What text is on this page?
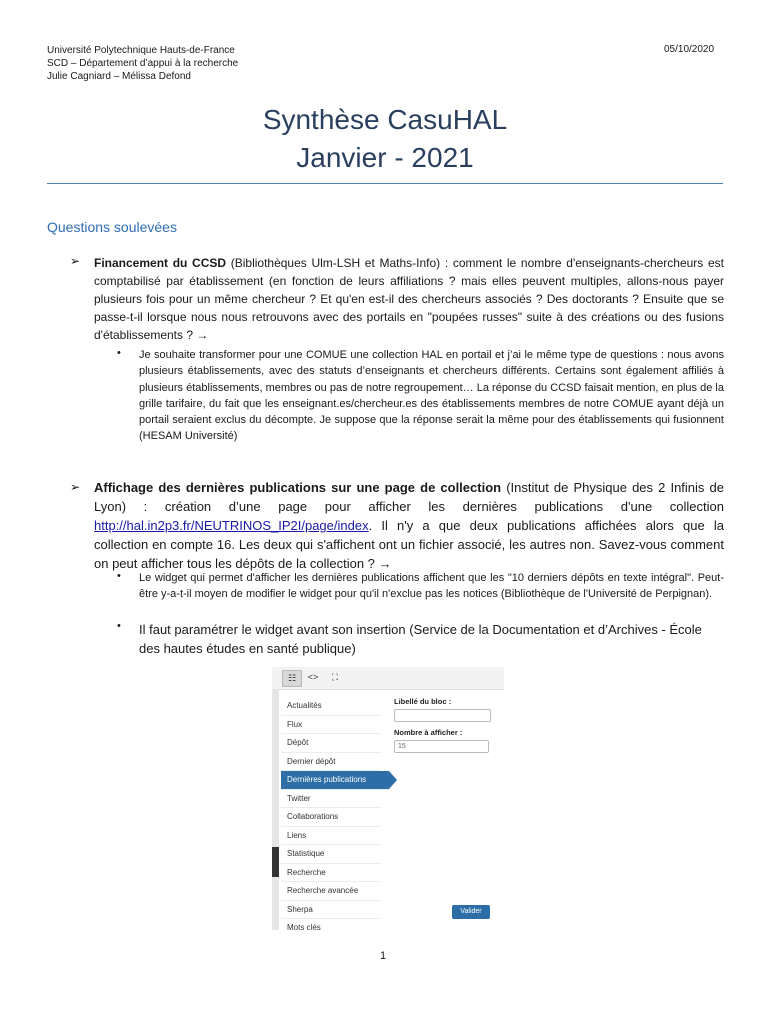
Université Polytechnique Hauts-de-France
SCD – Département d’appui à la recherche
Julie Cagniard – Mélissa Defond
05/10/2020
Synthèse CasuHAL
Janvier - 2021
Questions soulevées
➢ Financement du CCSD (Bibliothèques Ulm-LSH et Maths-Info) : comment le nombre d'enseignants-chercheurs est comptabilisé par établissement (en fonction de leurs affiliations ? mais elles peuvent multiples, allons-nous payer plusieurs fois pour un même chercheur ? Et qu'en est-il des chercheurs associés ? Des doctorants ? Ensuite que se passe-t-il lorsque nous nous retrouvons avec des portails en "poupées russes" suite à des créations ou des fusions d'établissements ? →
• Je souhaite transformer pour une COMUE une collection HAL en portail et j’ai le même type de questions : nous avons plusieurs établissements, avec des statuts d’enseignants et chercheurs différents. Certains sont également affiliés à plusieurs établissements, membres ou pas de notre regroupement… La réponse du CCSD faisait mention, en plus de la grille tarifaire, du fait que les enseignant.es/chercheur.es des établissements membres de notre COMUE ayant déjà un portail seraient exclus du décompte. Je suppose que la réponse serait la même pour des établissements qui fusionnent (HESAM Université)
➢ Affichage des dernières publications sur une page de collection (Institut de Physique des 2 Infinis de Lyon) : création d’une page pour afficher les dernières publications d'une collection http://hal.in2p3.fr/NEUTRINOS_IP2I/page/index. Il n'y a que deux publications affichées alors que la collection en compte 16. Les deux qui s'affichent ont un fichier associé, les autres non. Savez-vous comment on peut afficher tous les dépôts de la collection ? →
• Le widget qui permet d'afficher les dernières publications affichent que les "10 derniers dépôts en texte intégral". Peut-être y-a-t-il moyen de modifier le widget pour qu'il n'exclue pas les notices (Bibliothèque de l'Université de Perpignan).
• Il faut paramétrer le widget avant son insertion (Service de la Documentation et d’Archives - École des hautes études en santé publique)
☷	<>	⛶
Actualités
Flux
Dépôt
Dernier dépôt
Dernières publications
Twitter
Collaborations
Liens
Statistique
Recherche
Recherche avancée
Sherpa
Mots clés
Libellé du bloc :
Nombre à afficher :
15
Valider
1
